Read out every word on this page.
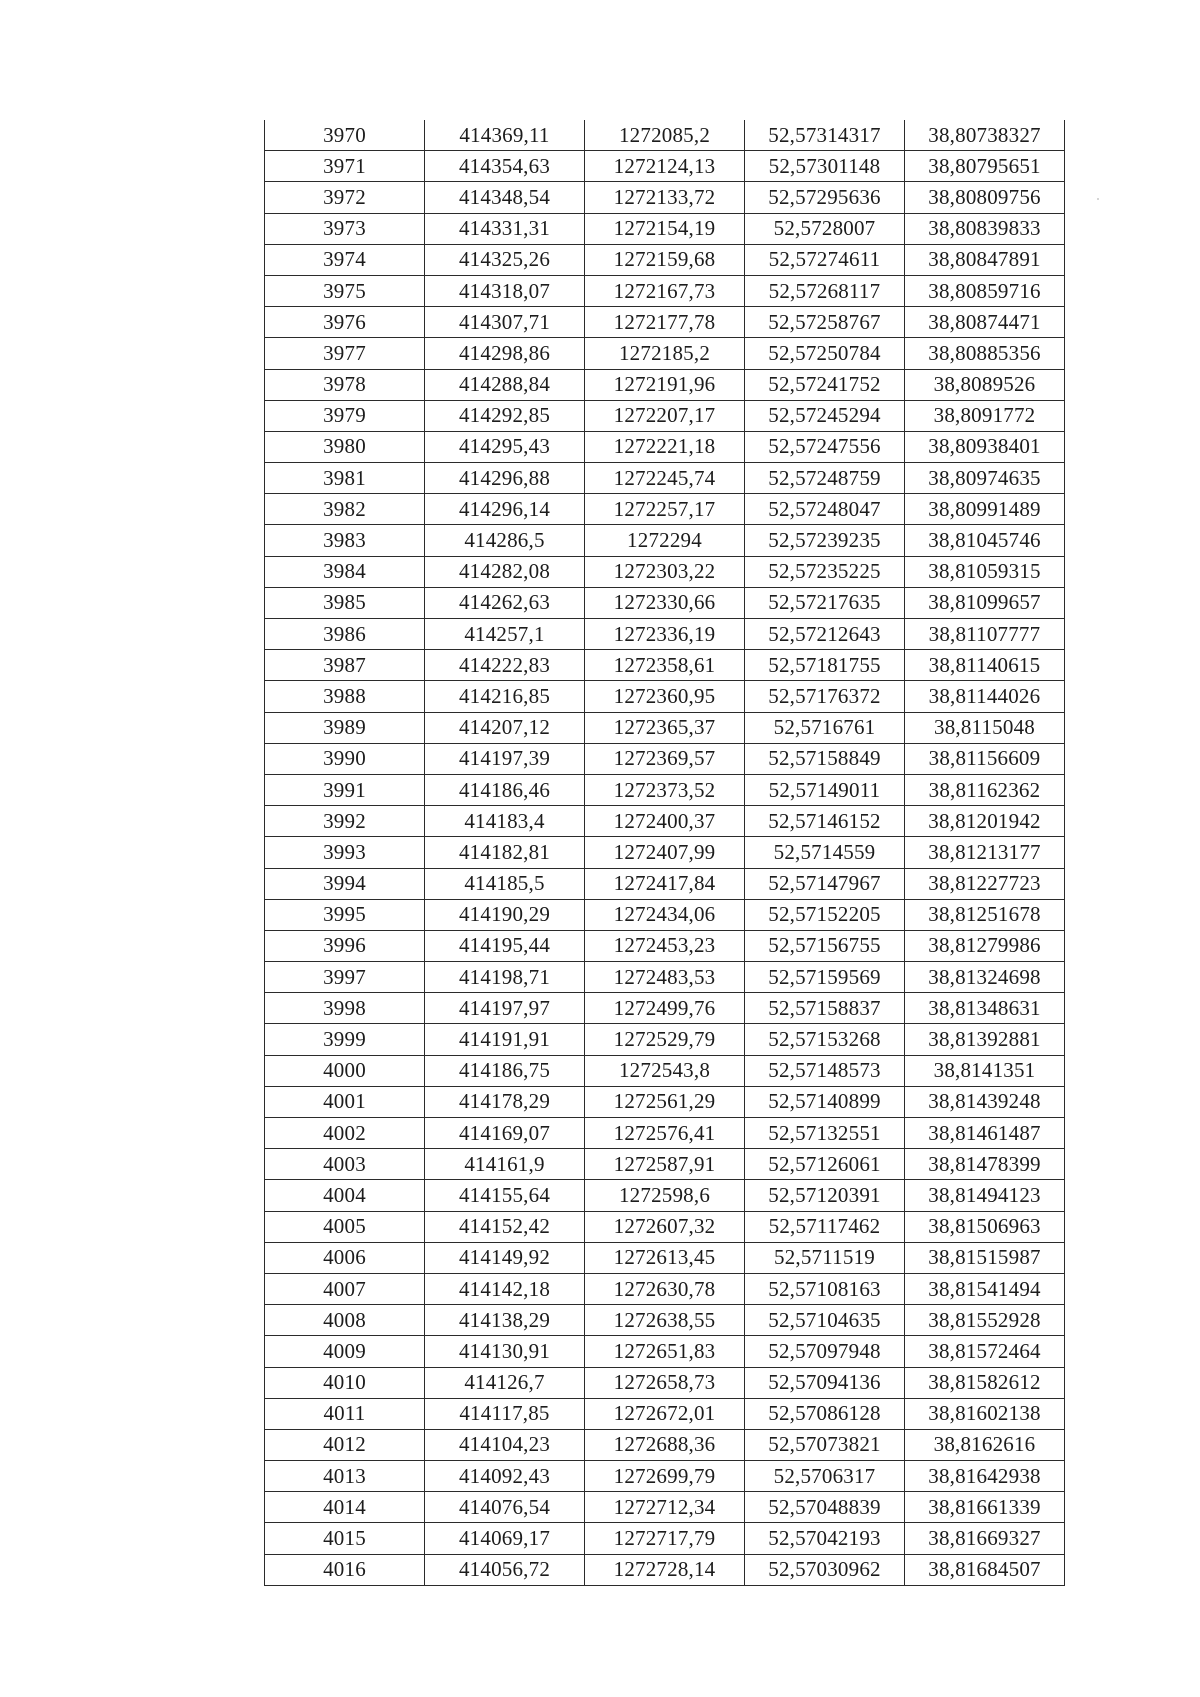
3970	414369,11	1272085,2	52,57314317	38,80738327
3971	414354,63	1272124,13	52,57301148	38,80795651
3972	414348,54	1272133,72	52,57295636	38,80809756
3973	414331,31	1272154,19	52,5728007	38,80839833
3974	414325,26	1272159,68	52,57274611	38,80847891
3975	414318,07	1272167,73	52,57268117	38,80859716
3976	414307,71	1272177,78	52,57258767	38,80874471
3977	414298,86	1272185,2	52,57250784	38,80885356
3978	414288,84	1272191,96	52,57241752	38,8089526
3979	414292,85	1272207,17	52,57245294	38,8091772
3980	414295,43	1272221,18	52,57247556	38,80938401
3981	414296,88	1272245,74	52,57248759	38,80974635
3982	414296,14	1272257,17	52,57248047	38,80991489
3983	414286,5	1272294	52,57239235	38,81045746
3984	414282,08	1272303,22	52,57235225	38,81059315
3985	414262,63	1272330,66	52,57217635	38,81099657
3986	414257,1	1272336,19	52,57212643	38,81107777
3987	414222,83	1272358,61	52,57181755	38,81140615
3988	414216,85	1272360,95	52,57176372	38,81144026
3989	414207,12	1272365,37	52,5716761	38,8115048
3990	414197,39	1272369,57	52,57158849	38,81156609
3991	414186,46	1272373,52	52,57149011	38,81162362
3992	414183,4	1272400,37	52,57146152	38,81201942
3993	414182,81	1272407,99	52,5714559	38,81213177
3994	414185,5	1272417,84	52,57147967	38,81227723
3995	414190,29	1272434,06	52,57152205	38,81251678
3996	414195,44	1272453,23	52,57156755	38,81279986
3997	414198,71	1272483,53	52,57159569	38,81324698
3998	414197,97	1272499,76	52,57158837	38,81348631
3999	414191,91	1272529,79	52,57153268	38,81392881
4000	414186,75	1272543,8	52,57148573	38,8141351
4001	414178,29	1272561,29	52,57140899	38,81439248
4002	414169,07	1272576,41	52,57132551	38,81461487
4003	414161,9	1272587,91	52,57126061	38,81478399
4004	414155,64	1272598,6	52,57120391	38,81494123
4005	414152,42	1272607,32	52,57117462	38,81506963
4006	414149,92	1272613,45	52,5711519	38,81515987
4007	414142,18	1272630,78	52,57108163	38,81541494
4008	414138,29	1272638,55	52,57104635	38,81552928
4009	414130,91	1272651,83	52,57097948	38,81572464
4010	414126,7	1272658,73	52,57094136	38,81582612
4011	414117,85	1272672,01	52,57086128	38,81602138
4012	414104,23	1272688,36	52,57073821	38,8162616
4013	414092,43	1272699,79	52,5706317	38,81642938
4014	414076,54	1272712,34	52,57048839	38,81661339
4015	414069,17	1272717,79	52,57042193	38,81669327
4016	414056,72	1272728,14	52,57030962	38,81684507
